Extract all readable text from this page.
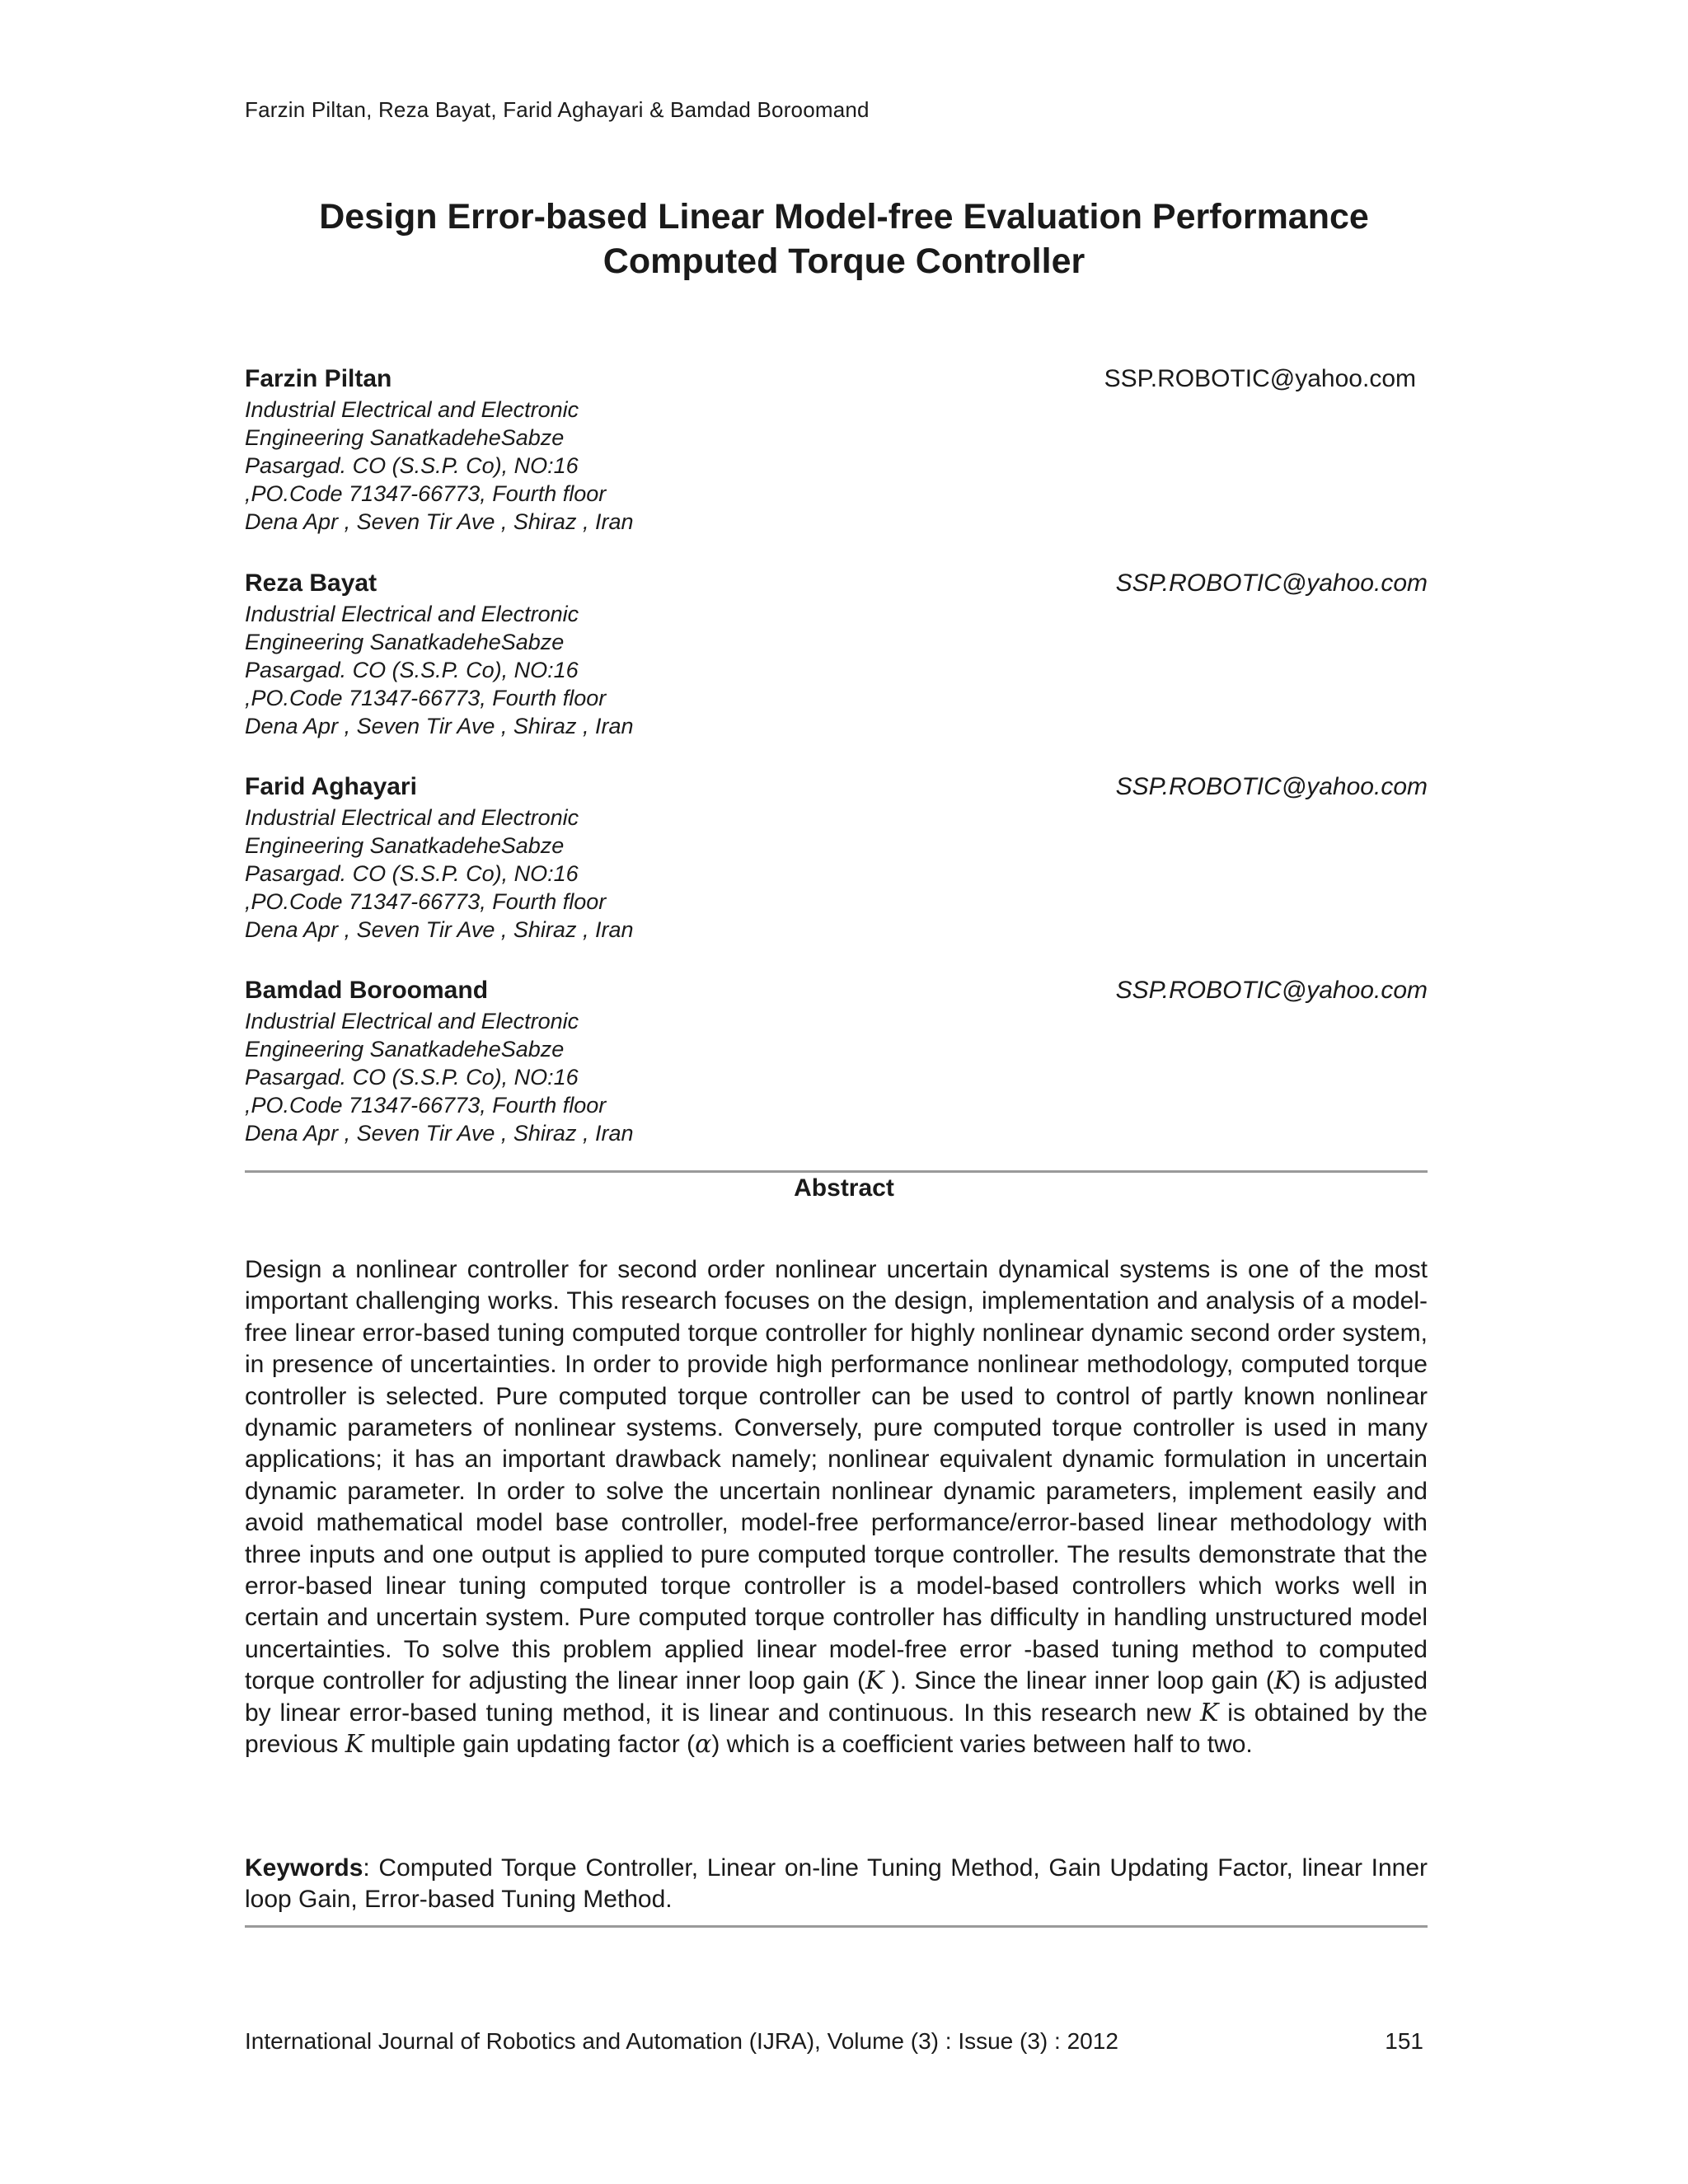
Farzin Piltan, Reza Bayat, Farid Aghayari & Bamdad Boroomand
Design Error-based Linear Model-free Evaluation Performance
Computed Torque Controller
Farzin Piltan
Industrial Electrical and Electronic
Engineering SanatkadeheSabze
Pasargad. CO (S.S.P. Co), NO:16
,PO.Code 71347-66773, Fourth floor
Dena Apr , Seven Tir Ave , Shiraz , Iran
SSP.ROBOTIC@yahoo.com
Reza Bayat
Industrial Electrical and Electronic
Engineering SanatkadeheSabze
Pasargad. CO (S.S.P. Co), NO:16
,PO.Code 71347-66773, Fourth floor
Dena Apr , Seven Tir Ave , Shiraz , Iran
SSP.ROBOTIC@yahoo.com
Farid Aghayari
Industrial Electrical and Electronic
Engineering SanatkadeheSabze
Pasargad. CO (S.S.P. Co), NO:16
,PO.Code 71347-66773, Fourth floor
Dena Apr , Seven Tir Ave , Shiraz , Iran
SSP.ROBOTIC@yahoo.com
Bamdad Boroomand
Industrial Electrical and Electronic
Engineering SanatkadeheSabze
Pasargad. CO (S.S.P. Co), NO:16
,PO.Code 71347-66773, Fourth floor
Dena Apr , Seven Tir Ave , Shiraz , Iran
SSP.ROBOTIC@yahoo.com
Abstract
Design a nonlinear controller for second order nonlinear uncertain dynamical systems is one of the most important challenging works. This research focuses on the design, implementation and analysis of a model-free linear error-based tuning computed torque controller for highly nonlinear dynamic second order system, in presence of uncertainties. In order to provide high performance nonlinear methodology, computed torque controller is selected. Pure computed torque controller can be used to control of partly known nonlinear dynamic parameters of nonlinear systems. Conversely, pure computed torque controller is used in many applications; it has an important drawback namely; nonlinear equivalent dynamic formulation in uncertain dynamic parameter. In order to solve the uncertain nonlinear dynamic parameters, implement easily and avoid mathematical model base controller, model-free performance/error-based linear methodology with three inputs and one output is applied to pure computed torque controller. The results demonstrate that the error-based linear tuning computed torque controller is a model-based controllers which works well in certain and uncertain system. Pure computed torque controller has difficulty in handling unstructured model uncertainties. To solve this problem applied linear model-free error -based tuning method to computed torque controller for adjusting the linear inner loop gain (K ). Since the linear inner loop gain (K) is adjusted by linear error-based tuning method, it is linear and continuous. In this research new K is obtained by the previous K multiple gain updating factor (α) which is a coefficient varies between half to two.
Keywords: Computed Torque Controller, Linear on-line Tuning Method, Gain Updating Factor, linear Inner loop Gain, Error-based Tuning Method.
International Journal of Robotics and Automation (IJRA), Volume (3) : Issue (3) : 2012	151
